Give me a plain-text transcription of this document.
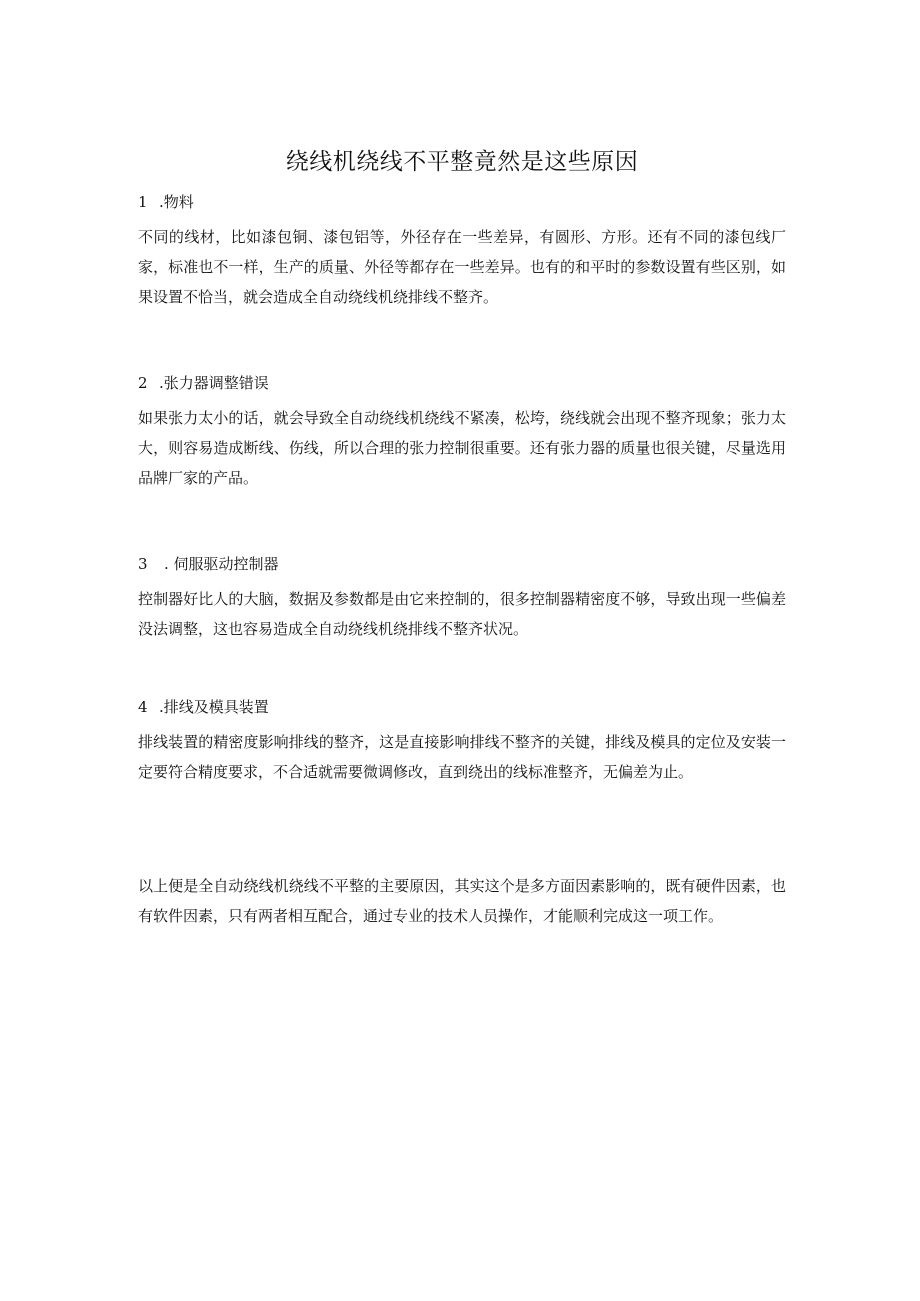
绕线机绕线不平整竟然是这些原因
1 .物料

不同的线材，比如漆包铜、漆包铝等，外径存在一些差异，有圆形、方形。还有不同的漆包线厂家，标准也不一样，生产的质量、外径等都存在一些差异。也有的和平时的参数设置有些区别，如果设置不恰当，就会造成全自动绕线机绕排线不整齐。

2 .张力器调整错误

如果张力太小的话，就会导致全自动绕线机绕线不紧凑，松垮，绕线就会出现不整齐现象；张力太大，则容易造成断线、伤线，所以合理的张力控制很重要。还有张力器的质量也很关键，尽量选用品牌厂家的产品。

3 . 伺服驱动控制器

控制器好比人的大脑，数据及参数都是由它来控制的，很多控制器精密度不够，导致出现一些偏差没法调整，这也容易造成全自动绕线机绕排线不整齐状况。

4 .排线及模具装置

排线装置的精密度影响排线的整齐，这是直接影响排线不整齐的关键，排线及模具的定位及安装一定要符合精度要求，不合适就需要微调修改，直到绕出的线标准整齐，无偏差为止。

以上便是全自动绕线机绕线不平整的主要原因，其实这个是多方面因素影响的，既有硬件因素，也有软件因素，只有两者相互配合，通过专业的技术人员操作，才能顺利完成这一项工作。
